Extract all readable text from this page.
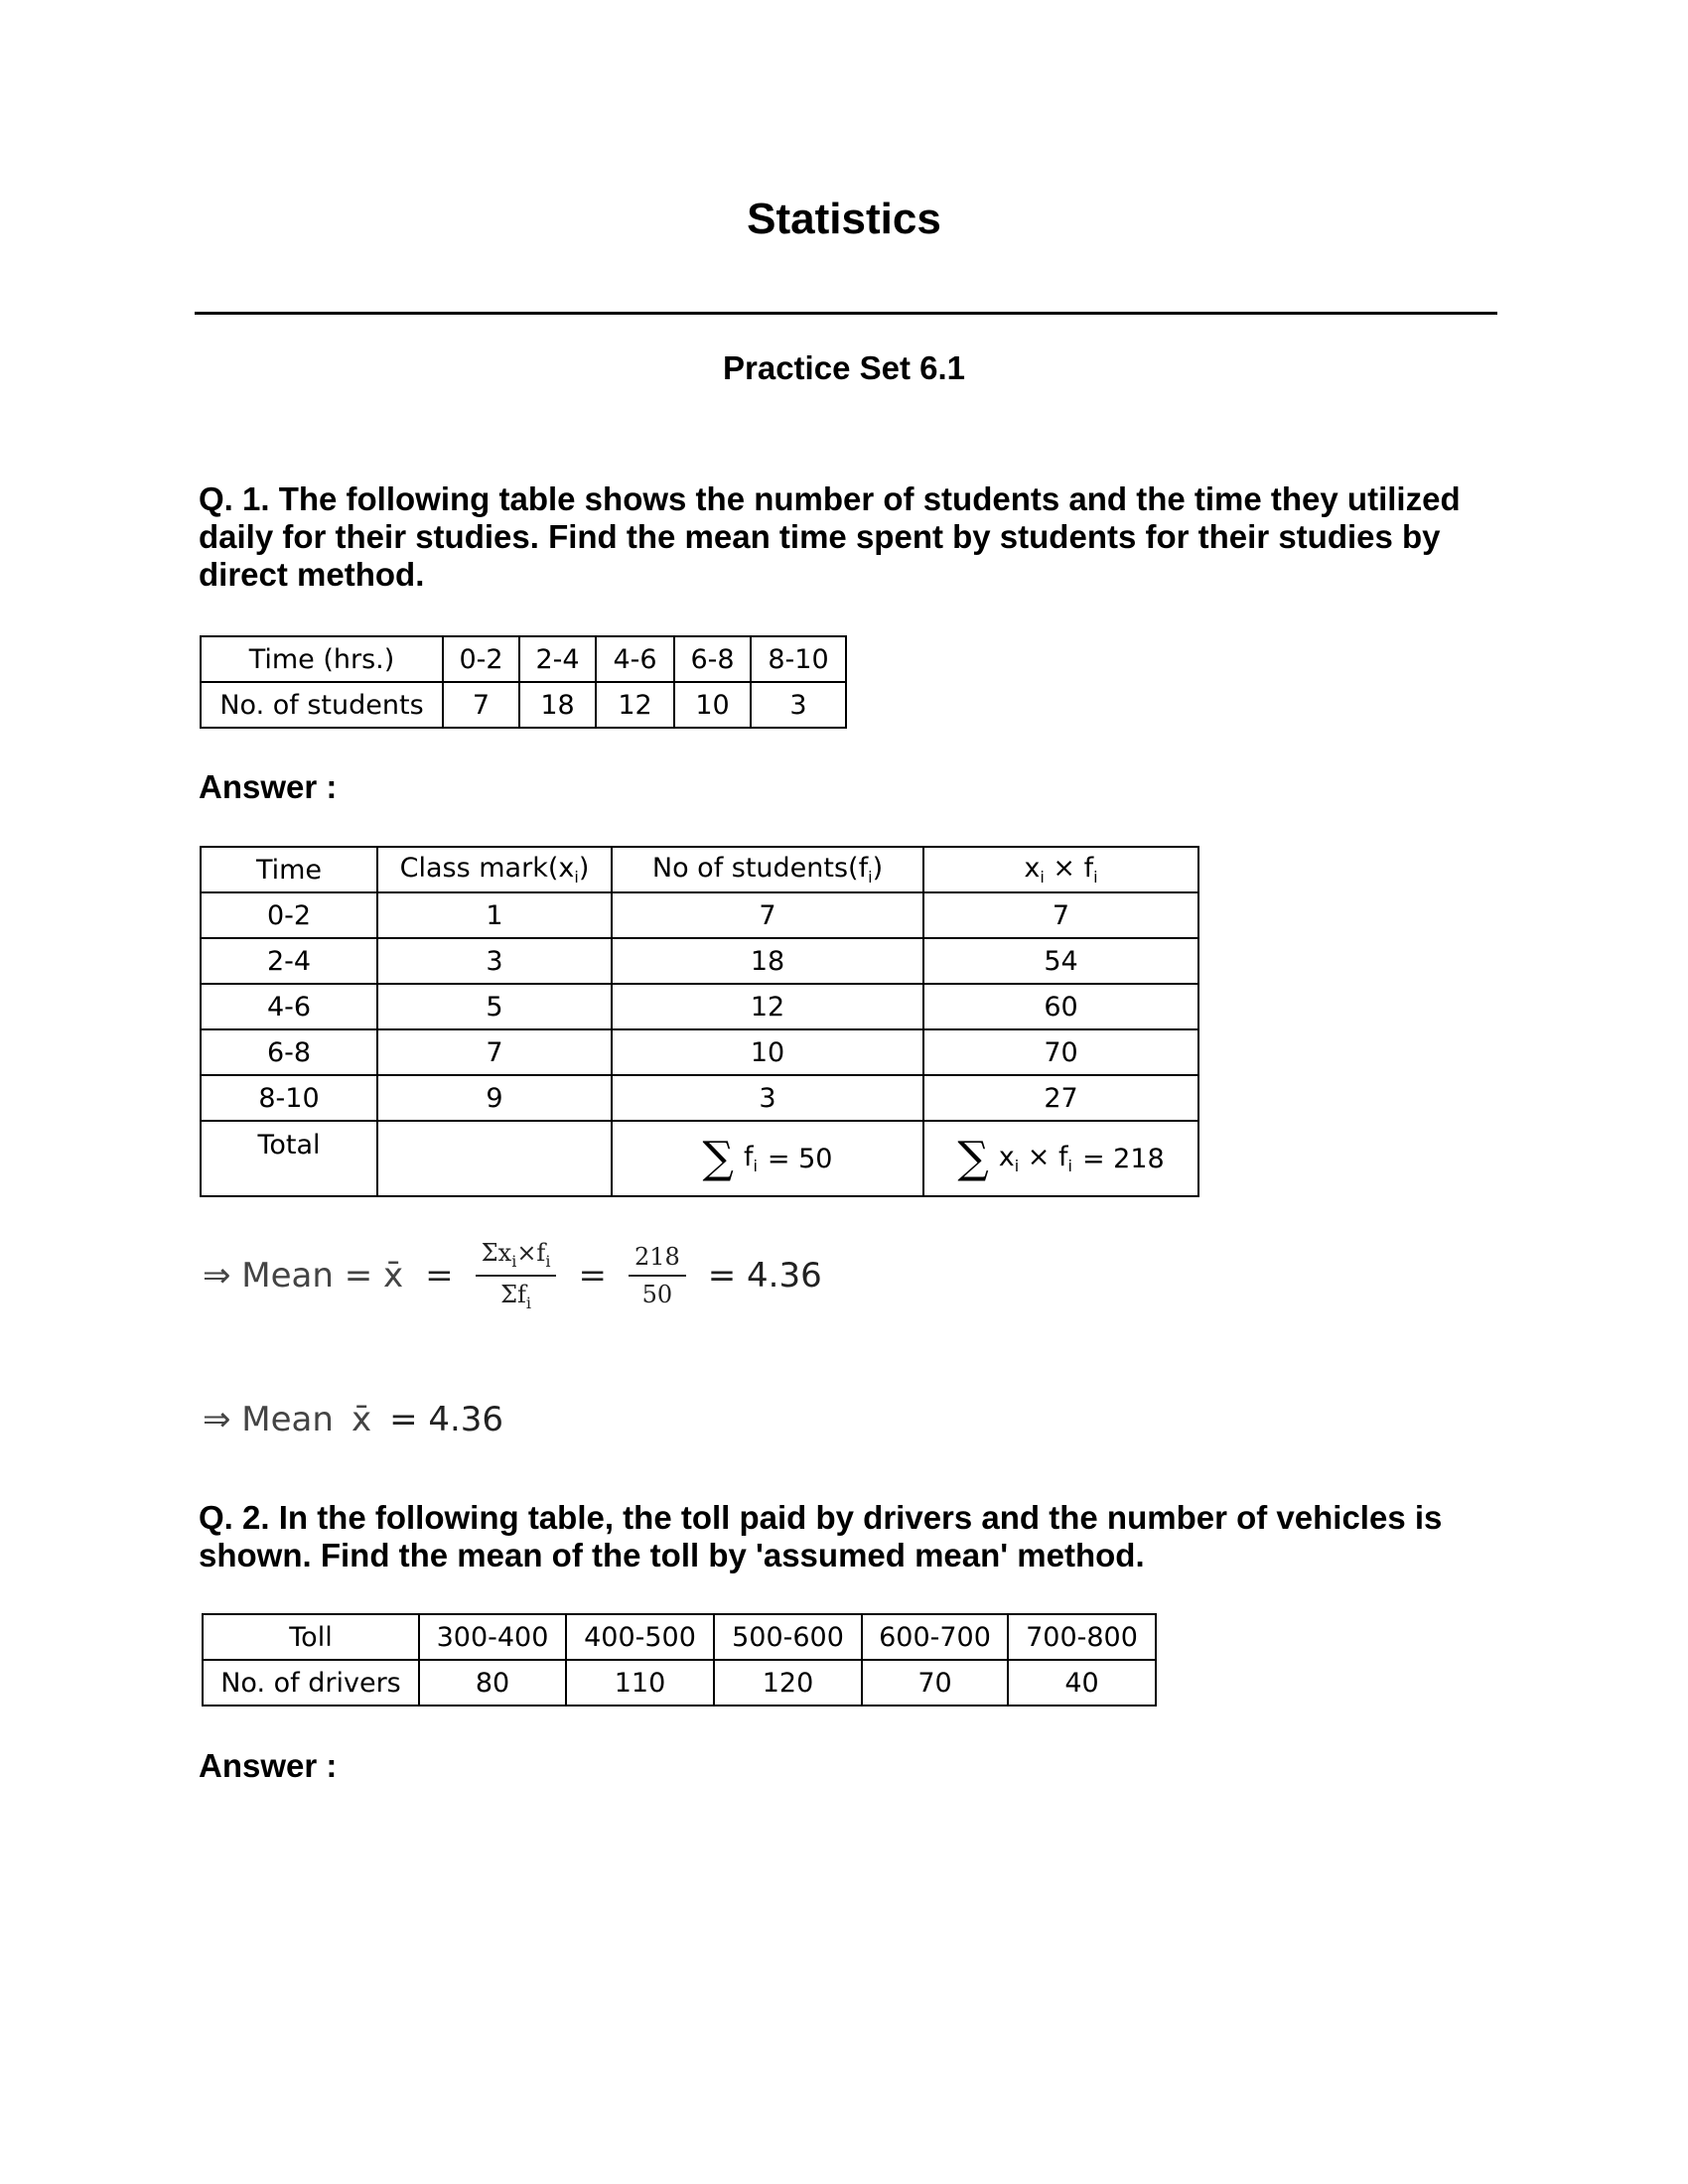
Statistics
Practice Set 6.1
Q. 1. The following table shows the number of students and the time they utilized daily for their studies. Find the mean time spent by students for their studies by direct method.
Time (hrs.)	0-2	2-4	4-6	6-8	8-10
No. of students	7	18	12	10	3
Answer :
Time	Class $mark(x_i)$	No of $students(f_i)$	$x_i \times f_i$
0-2	1	7	7
2-4	3	18	54
4-6	5	12	60
6-8	7	10	70
8-10	9	3	27
Total		∑ $f_i = 50$	∑ $x_i \times f_i = 218$
⇒ Mean = x̄ = $\frac{\Sigma x_i\times f_i}{\Sigma f_i} = \frac{218}{50} = 4.36$
⇒ Mean x̄ = 4.36
Q. 2. In the following table, the toll paid by drivers and the number of vehicles is shown. Find the mean of the toll by 'assumed mean' method.
Toll	300-400	400-500	500-600	600-700	700-800
No. of drivers	80	110	120	70	40
Answer :
